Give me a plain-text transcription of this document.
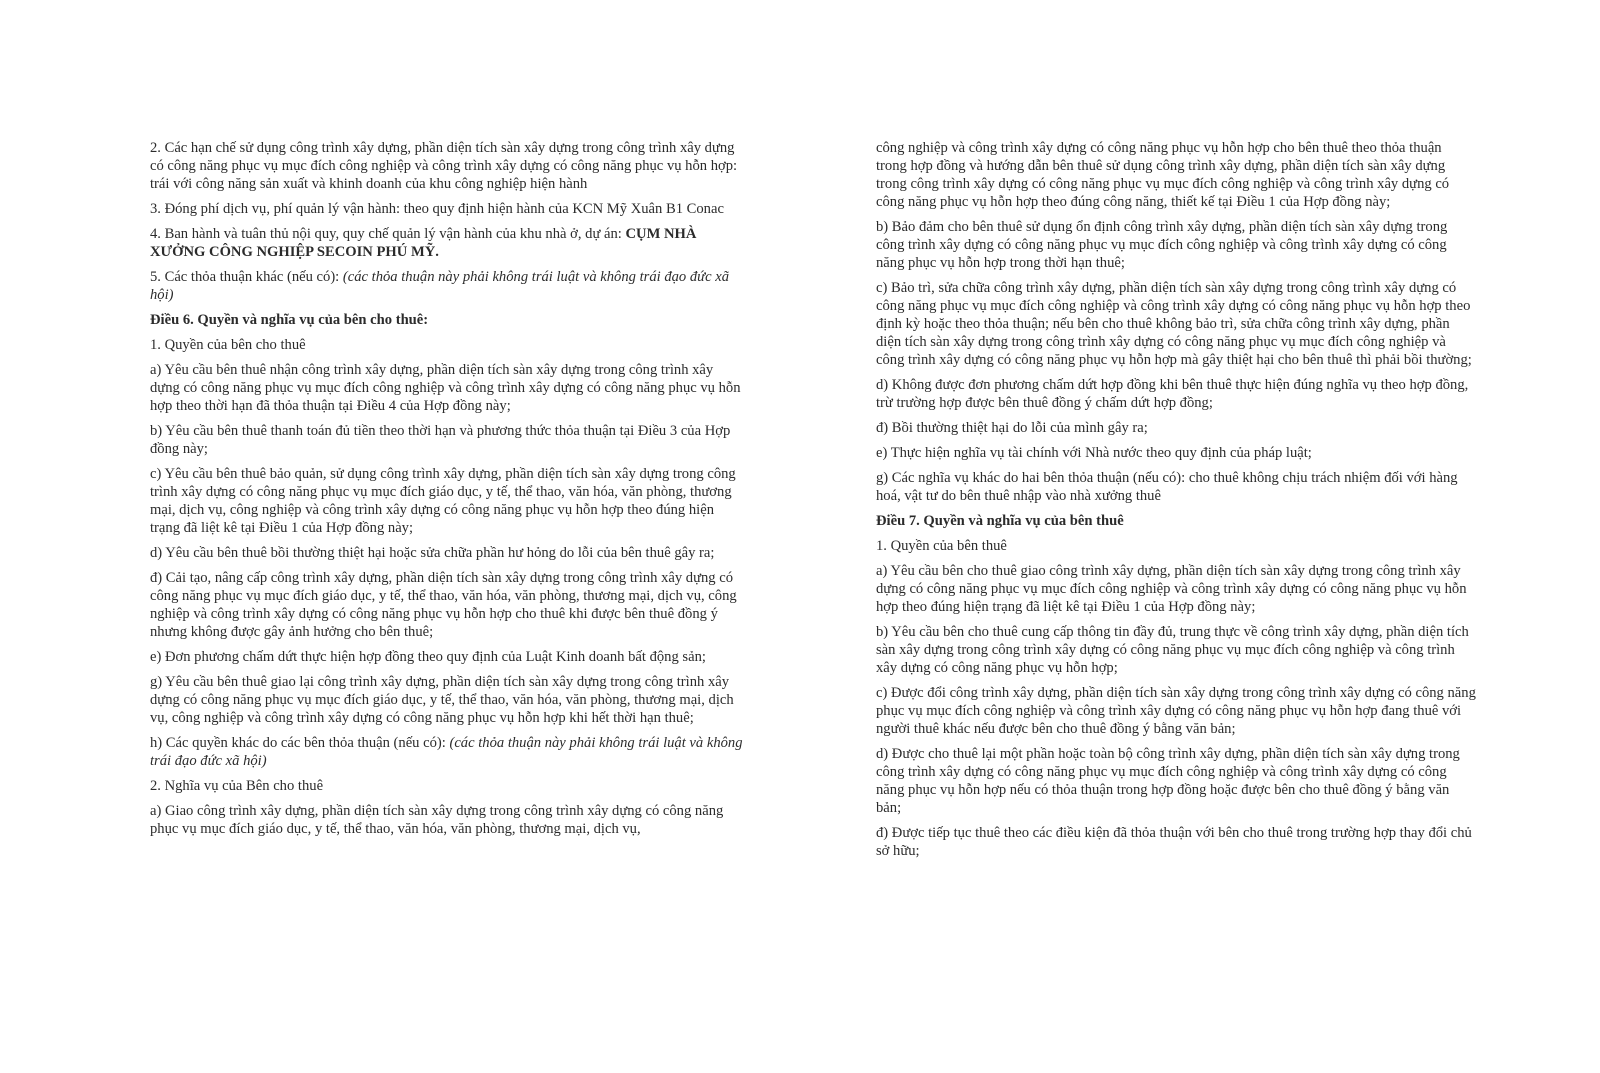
2. Các hạn chế sử dụng công trình xây dựng, phần diện tích sàn xây dựng trong công trình xây dựng có công năng phục vụ mục đích công nghiệp và công trình xây dựng có công năng phục vụ hỗn hợp: trái với công năng sản xuất và khinh doanh của khu công nghiệp hiện hành

3. Đóng phí dịch vụ, phí quản lý vận hành: theo quy định hiện hành của KCN Mỹ Xuân B1 Conac

4. Ban hành và tuân thủ nội quy, quy chế quản lý vận hành của khu nhà ở, dự án: CỤM NHÀ XƯỞNG CÔNG NGHIỆP SECOIN PHÚ MỸ.

5. Các thỏa thuận khác (nếu có): (các thỏa thuận này phải không trái luật và không trái đạo đức xã hội)

Điều 6. Quyền và nghĩa vụ của bên cho thuê:

1. Quyền của bên cho thuê

a) Yêu cầu bên thuê nhận công trình xây dựng, phần diện tích sàn xây dựng trong công trình xây dựng có công năng phục vụ mục đích công nghiệp và công trình xây dựng có công năng phục vụ hỗn hợp theo thời hạn đã thỏa thuận tại Điều 4 của Hợp đồng này;

b) Yêu cầu bên thuê thanh toán đủ tiền theo thời hạn và phương thức thỏa thuận tại Điều 3 của Hợp đồng này;

c) Yêu cầu bên thuê bảo quản, sử dụng công trình xây dựng, phần diện tích sàn xây dựng trong công trình xây dựng có công năng phục vụ mục đích giáo dục, y tế, thể thao, văn hóa, văn phòng, thương mại, dịch vụ, công nghiệp và công trình xây dựng có công năng phục vụ hỗn hợp theo đúng hiện trạng đã liệt kê tại Điều 1 của Hợp đồng này;

d) Yêu cầu bên thuê bồi thường thiệt hại hoặc sửa chữa phần hư hỏng do lỗi của bên thuê gây ra;

đ) Cải tạo, nâng cấp công trình xây dựng, phần diện tích sàn xây dựng trong công trình xây dựng có công năng phục vụ mục đích giáo dục, y tế, thể thao, văn hóa, văn phòng, thương mại, dịch vụ, công nghiệp và công trình xây dựng có công năng phục vụ hỗn hợp cho thuê khi được bên thuê đồng ý nhưng không được gây ảnh hưởng cho bên thuê;

e) Đơn phương chấm dứt thực hiện hợp đồng theo quy định của Luật Kinh doanh bất động sản;

g) Yêu cầu bên thuê giao lại công trình xây dựng, phần diện tích sàn xây dựng trong công trình xây dựng có công năng phục vụ mục đích giáo dục, y tế, thể thao, văn hóa, văn phòng, thương mại, dịch vụ, công nghiệp và công trình xây dựng có công năng phục vụ hỗn hợp khi hết thời hạn thuê;

h) Các quyền khác do các bên thỏa thuận (nếu có): (các thỏa thuận này phải không trái luật và không trái đạo đức xã hội)

2. Nghĩa vụ của Bên cho thuê

a) Giao công trình xây dựng, phần diện tích sàn xây dựng trong công trình xây dựng có công năng phục vụ mục đích giáo dục, y tế, thể thao, văn hóa, văn phòng, thương mại, dịch vụ,

công nghiệp và công trình xây dựng có công năng phục vụ hỗn hợp cho bên thuê theo thỏa thuận trong hợp đồng và hướng dẫn bên thuê sử dụng công trình xây dựng, phần diện tích sàn xây dựng trong công trình xây dựng có công năng phục vụ mục đích công nghiệp và công trình xây dựng có công năng phục vụ hỗn hợp theo đúng công năng, thiết kế tại Điều 1 của Hợp đồng này;

b) Bảo đảm cho bên thuê sử dụng ổn định công trình xây dựng, phần diện tích sàn xây dựng trong công trình xây dựng có công năng phục vụ mục đích công nghiệp và công trình xây dựng có công năng phục vụ hỗn hợp trong thời hạn thuê;

c) Bảo trì, sửa chữa công trình xây dựng, phần diện tích sàn xây dựng trong công trình xây dựng có công năng phục vụ mục đích công nghiệp và công trình xây dựng có công năng phục vụ hỗn hợp theo định kỳ hoặc theo thỏa thuận; nếu bên cho thuê không bảo trì, sửa chữa công trình xây dựng, phần diện tích sàn xây dựng trong công trình xây dựng có công năng phục vụ mục đích công nghiệp và công trình xây dựng có công năng phục vụ hỗn hợp mà gây thiệt hại cho bên thuê thì phải bồi thường;

d) Không được đơn phương chấm dứt hợp đồng khi bên thuê thực hiện đúng nghĩa vụ theo hợp đồng, trừ trường hợp được bên thuê đồng ý chấm dứt hợp đồng;

đ) Bồi thường thiệt hại do lỗi của mình gây ra;

e) Thực hiện nghĩa vụ tài chính với Nhà nước theo quy định của pháp luật;

g) Các nghĩa vụ khác do hai bên thỏa thuận (nếu có): cho thuê không chịu trách nhiệm đối với hàng hoá, vật tư do bên thuê nhập vào nhà xưởng thuê

Điều 7. Quyền và nghĩa vụ của bên thuê

1. Quyền của bên thuê

a) Yêu cầu bên cho thuê giao công trình xây dựng, phần diện tích sàn xây dựng trong công trình xây dựng có công năng phục vụ mục đích công nghiệp và công trình xây dựng có công năng phục vụ hỗn hợp theo đúng hiện trạng đã liệt kê tại Điều 1 của Hợp đồng này;

b) Yêu cầu bên cho thuê cung cấp thông tin đầy đủ, trung thực về công trình xây dựng, phần diện tích sàn xây dựng trong công trình xây dựng có công năng phục vụ mục đích công nghiệp và công trình xây dựng có công năng phục vụ hỗn hợp;

c) Được đổi công trình xây dựng, phần diện tích sàn xây dựng trong công trình xây dựng có công năng phục vụ mục đích công nghiệp và công trình xây dựng có công năng phục vụ hỗn hợp đang thuê với người thuê khác nếu được bên cho thuê đồng ý bằng văn bản;

d) Được cho thuê lại một phần hoặc toàn bộ công trình xây dựng, phần diện tích sàn xây dựng trong công trình xây dựng có công năng phục vụ mục đích công nghiệp và công trình xây dựng có công năng phục vụ hỗn hợp nếu có thỏa thuận trong hợp đồng hoặc được bên cho thuê đồng ý bằng văn bản;

đ) Được tiếp tục thuê theo các điều kiện đã thỏa thuận với bên cho thuê trong trường hợp thay đổi chủ sở hữu;
